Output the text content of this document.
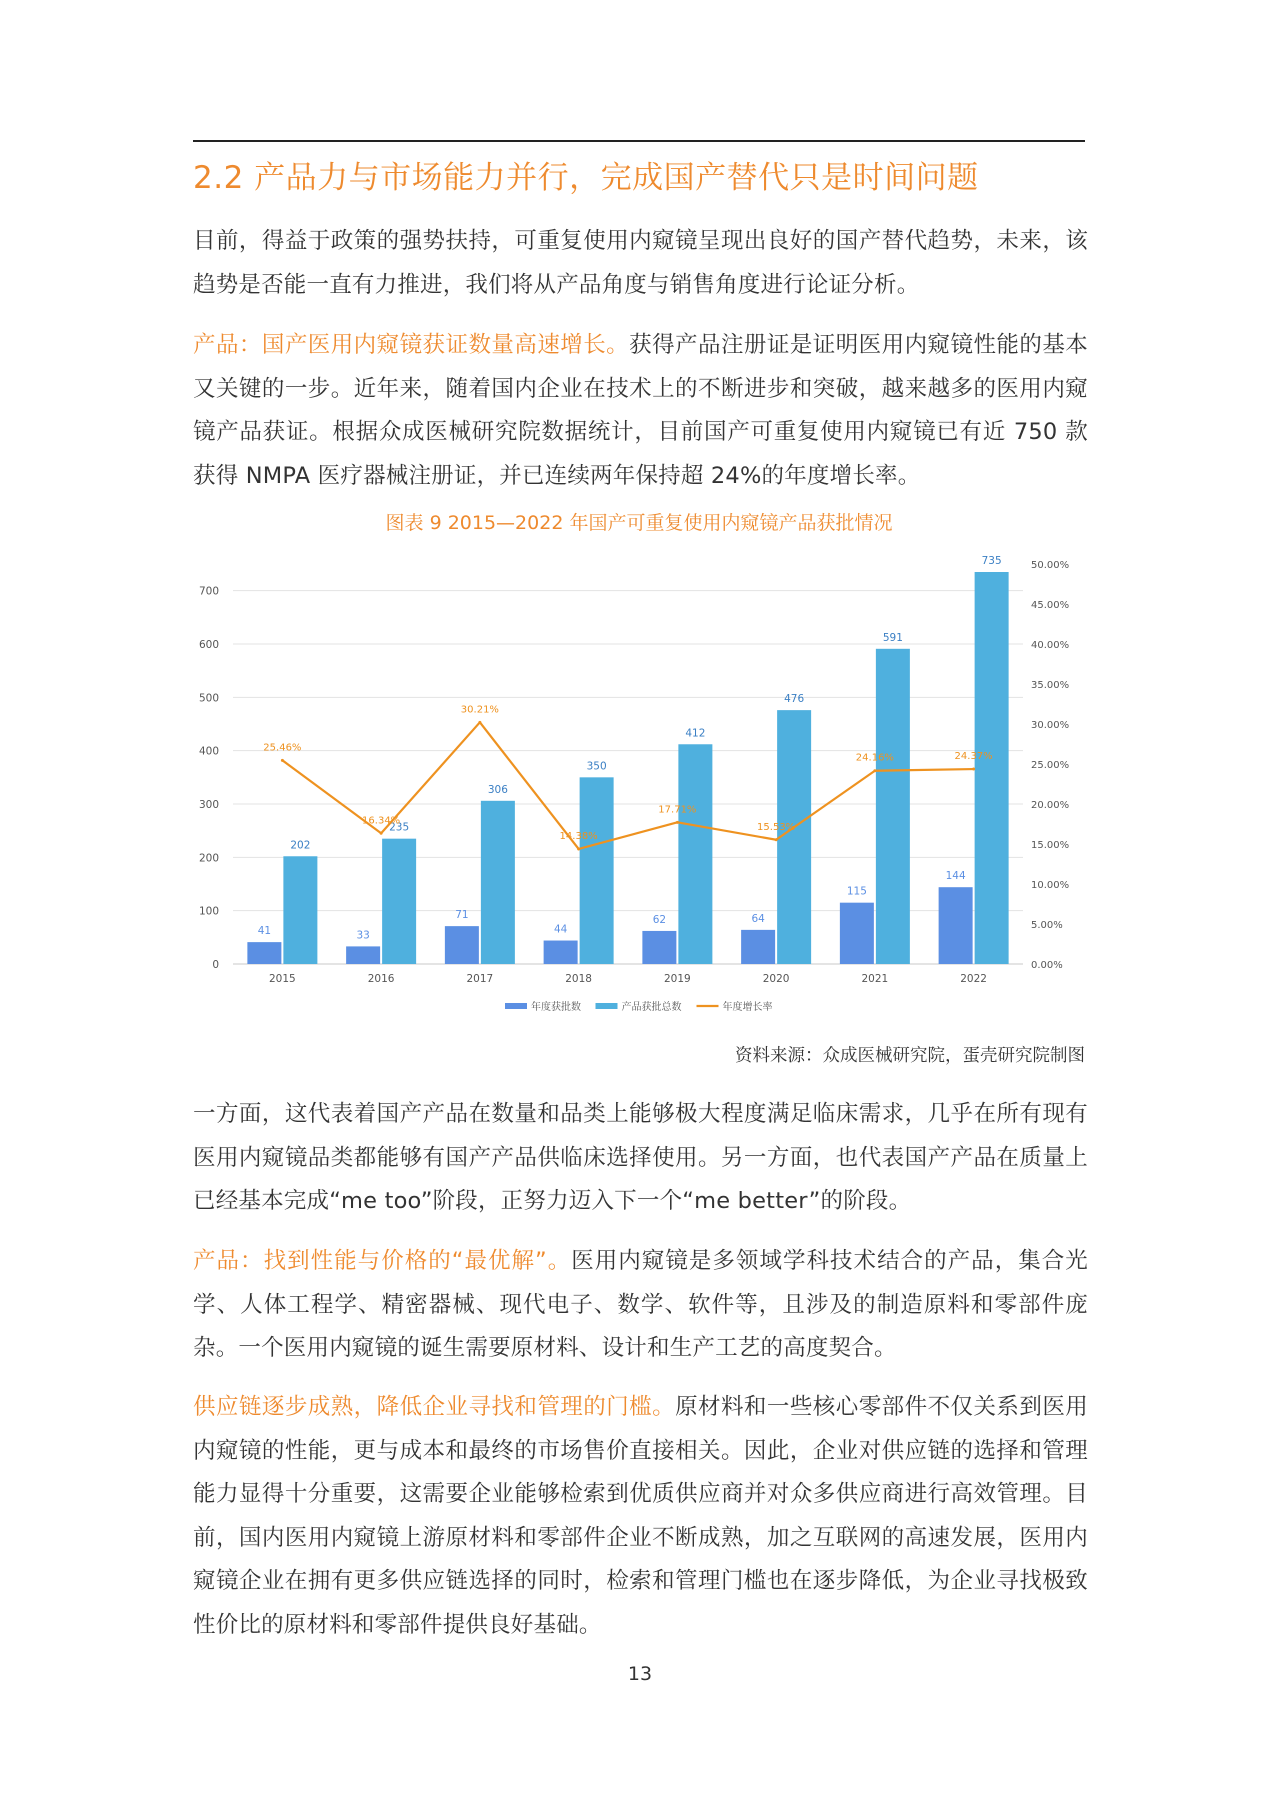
2.2 产品力与市场能力并行，完成国产替代只是时间问题
目前，得益于政策的强势扶持，可重复使用内窥镜呈现出良好的国产替代趋势，未来，该趋势是否能一直有力推进，我们将从产品角度与销售角度进行论证分析。
产品：国产医用内窥镜获证数量高速增长。获得产品注册证是证明医用内窥镜性能的基本又关键的一步。近年来，随着国内企业在技术上的不断进步和突破，越来越多的医用内窥镜产品获证。根据众成医械研究院数据统计，目前国产可重复使用内窥镜已有近 750 款获得 NMPA 医疗器械注册证，并已连续两年保持超 24%的年度增长率。
图表 9 2015—2022 年国产可重复使用内窥镜产品获批情况
0
100
200
300
400
500
600
700
0.00%
5.00%
10.00%
15.00%
20.00%
25.00%
30.00%
35.00%
40.00%
45.00%
50.00%
41
202
2015
33
235
2016
71
306
2017
44
350
2018
62
412
2019
64
476
2020
115
591
2021
144
735
2022
25.46%
16.34%
30.21%
14.38%
17.71%
15.53%
24.16%	24.37%
年度获批数	产品获批总数	年度增长率
资料来源：众成医械研究院，蛋壳研究院制图
一方面，这代表着国产产品在数量和品类上能够极大程度满足临床需求，几乎在所有现有医用内窥镜品类都能够有国产产品供临床选择使用。另一方面，也代表国产产品在质量上已经基本完成“me too”阶段，正努力迈入下一个“me better”的阶段。
产品：找到性能与价格的“最优解”。医用内窥镜是多领域学科技术结合的产品，集合光学、人体工程学、精密器械、现代电子、数学、软件等，且涉及的制造原料和零部件庞杂。一个医用内窥镜的诞生需要原材料、设计和生产工艺的高度契合。
供应链逐步成熟，降低企业寻找和管理的门槛。原材料和一些核心零部件不仅关系到医用内窥镜的性能，更与成本和最终的市场售价直接相关。因此，企业对供应链的选择和管理能力显得十分重要，这需要企业能够检索到优质供应商并对众多供应商进行高效管理。目前，国内医用内窥镜上游原材料和零部件企业不断成熟，加之互联网的高速发展，医用内窥镜企业在拥有更多供应链选择的同时，检索和管理门槛也在逐步降低，为企业寻找极致性价比的原材料和零部件提供良好基础。
13
